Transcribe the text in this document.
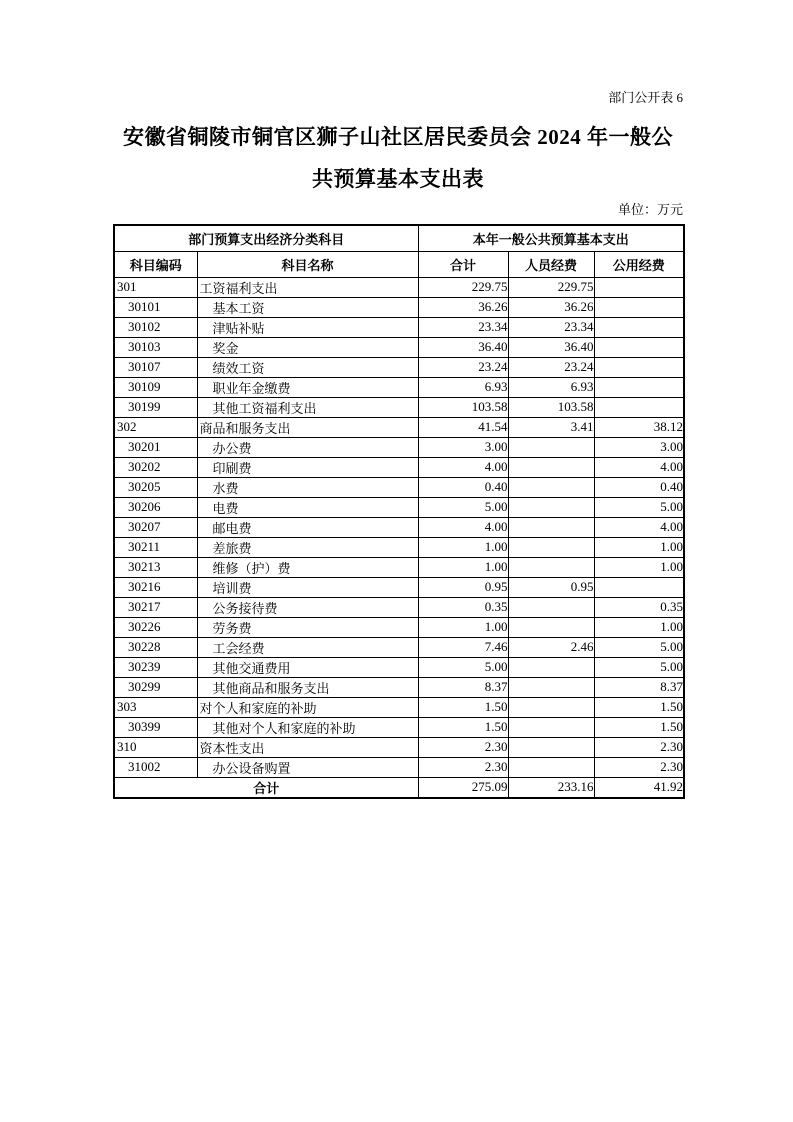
部门公开表 6
安徽省铜陵市铜官区狮子山社区居民委员会 2024 年一般公
共预算基本支出表
单位：万元
部门预算支出经济分类科目		本年一般公共预算基本支出		
科目编码	科目名称	合计	人员经费	公用经费
301	工资福利支出	229.75	229.75	
30101	基本工资	36.26	36.26	
30102	津贴补贴	23.34	23.34	
30103	奖金	36.40	36.40	
30107	绩效工资	23.24	23.24	
30109	职业年金缴费	6.93	6.93	
30199	其他工资福利支出	103.58	103.58	
302	商品和服务支出	41.54	3.41	38.12
30201	办公费	3.00		3.00
30202	印刷费	4.00		4.00
30205	水费	0.40		0.40
30206	电费	5.00		5.00
30207	邮电费	4.00		4.00
30211	差旅费	1.00		1.00
30213	维修（护）费	1.00		1.00
30216	培训费	0.95	0.95	
30217	公务接待费	0.35		0.35
30226	劳务费	1.00		1.00
30228	工会经费	7.46	2.46	5.00
30239	其他交通费用	5.00		5.00
30299	其他商品和服务支出	8.37		8.37
303	对个人和家庭的补助	1.50		1.50
30399	其他对个人和家庭的补助	1.50		1.50
310	资本性支出	2.30		2.30
31002	办公设备购置	2.30		2.30
合计		275.09	233.16	41.92
